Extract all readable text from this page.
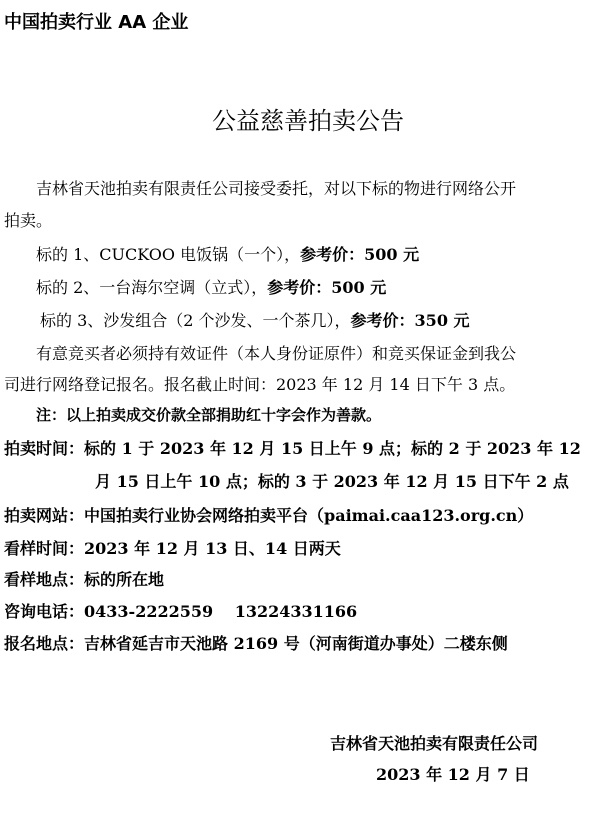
中国拍卖行业 AA 企业
公益慈善拍卖公告
吉林省天池拍卖有限责任公司接受委托，对以下标的物进行网络公开
拍卖。
标的 1、CUCKOO 电饭锅（一个），参考价：500 元
标的 2、一台海尔空调（立式），参考价：500 元
标的 3、沙发组合（2 个沙发、一个茶几），参考价：350 元
有意竞买者必须持有效证件（本人身份证原件）和竞买保证金到我公
司进行网络登记报名。报名截止时间：2023 年 12 月 14 日下午 3 点。
注：以上拍卖成交价款全部捐助红十字会作为善款。
拍卖时间：标的 1 于 2023 年 12 月 15 日上午 9 点；标的 2 于 2023 年 12
月 15 日上午 10 点；标的 3 于 2023 年 12 月 15 日下午 2 点
拍卖网站：中国拍卖行业协会网络拍卖平台（paimai.caa123.org.cn）
看样时间：2023 年 12 月 13 日、14 日两天
看样地点：标的所在地
咨询电话：0433-2222559　 13224331166
报名地点：吉林省延吉市天池路 2169 号（河南街道办事处）二楼东侧
吉林省天池拍卖有限责任公司
2023 年 12 月 7 日
